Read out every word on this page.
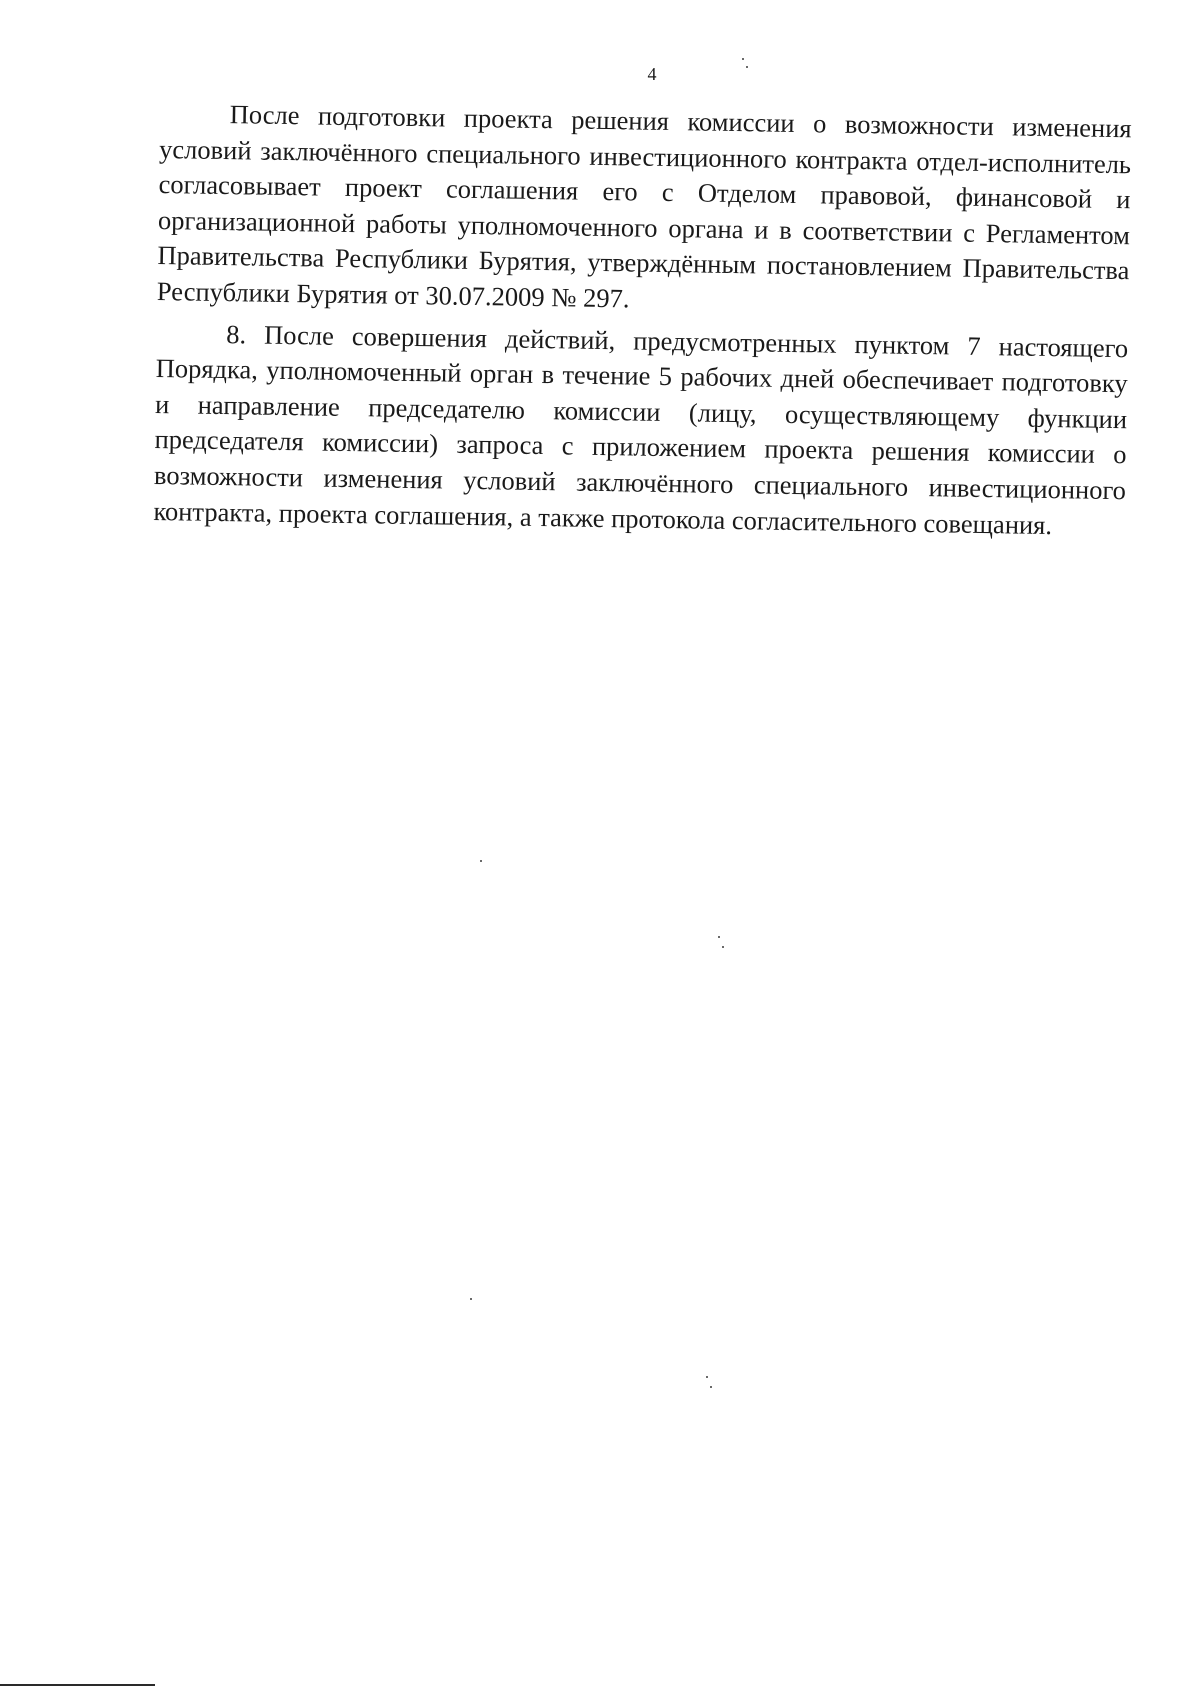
4

После подготовки проекта решения комиссии о возможности изменения условий заключённого специального инвестиционного контракта отдел-исполнитель согласовывает проект соглашения его с Отделом правовой, финансовой и организационной работы уполномоченного органа и в соответствии с Регламентом Правительства Республики Бурятия, утверждённым постановлением Правительства Республики Бурятия от 30.07.2009 № 297.

8. После совершения действий, предусмотренных пунктом 7 настоящего Порядка, уполномоченный орган в течение 5 рабочих дней обеспечивает подготовку и направление председателю комиссии (лицу, осуществляющему функции председателя комиссии) запроса с приложением проекта решения комиссии о возможности изменения условий заключённого специального инвестиционного контракта, проекта соглашения, а также протокола согласительного совещания.
